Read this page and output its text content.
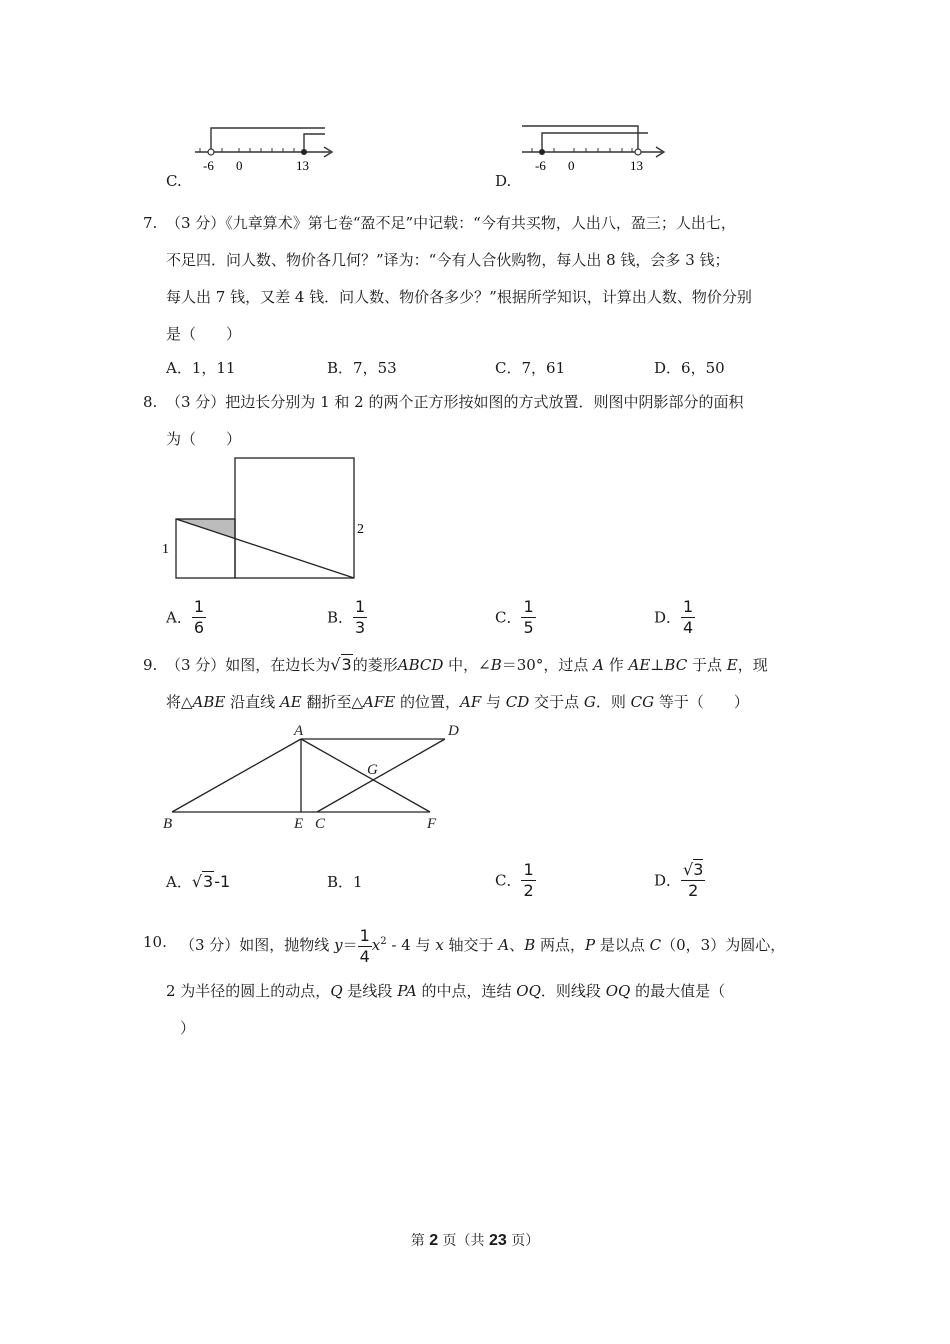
-6 0	13
C.
-6 0	13
D.
7. （3 分）《九章算术》第七卷“盈不足”中记载：“今有共买物，人出八，盈三；人出七，
不足四．问人数、物价各几何？”译为：“今有人合伙购物，每人出 8 钱，会多 3 钱；
每人出 7 钱，又差 4 钱．问人数、物价各多少？”根据所学知识，计算出人数、物价分别
是（　　）
A．1，11	B．7，53	C．7，61	D．6，50
8. （3 分）把边长分别为 1 和 2 的两个正方形按如图的方式放置．则图中阴影部分的面积
为（　　）
1
2
A． $\frac{1}{6}$	B． $\frac{1}{3}$	C． $\frac{1}{5}$	D． $\frac{1}{4}$
9. （3 分）如图，在边长为√3的菱形ABCD 中，∠B＝30°，过点 A 作 AE⊥BC 于点 E，现
将△ABE 沿直线 AE 翻折至△AFE 的位置，AF 与 CD 交于点 G．则 CG 等于（　　）
A	D
G
B	E C	F
A．√3-1	B．1	C． $\frac{1}{2}$	D． $\frac{√3}{2}$
10. （3 分）如图，抛物线 $y= \frac{1}{4} x^2 - 4$ 与 x 轴交于 A、B 两点，P 是以点 C（0，3）为圆心，
2 为半径的圆上的动点，Q 是线段 PA 的中点，连结 OQ．则线段 OQ 的最大值是（
）
第 2 页（共 23 页）
